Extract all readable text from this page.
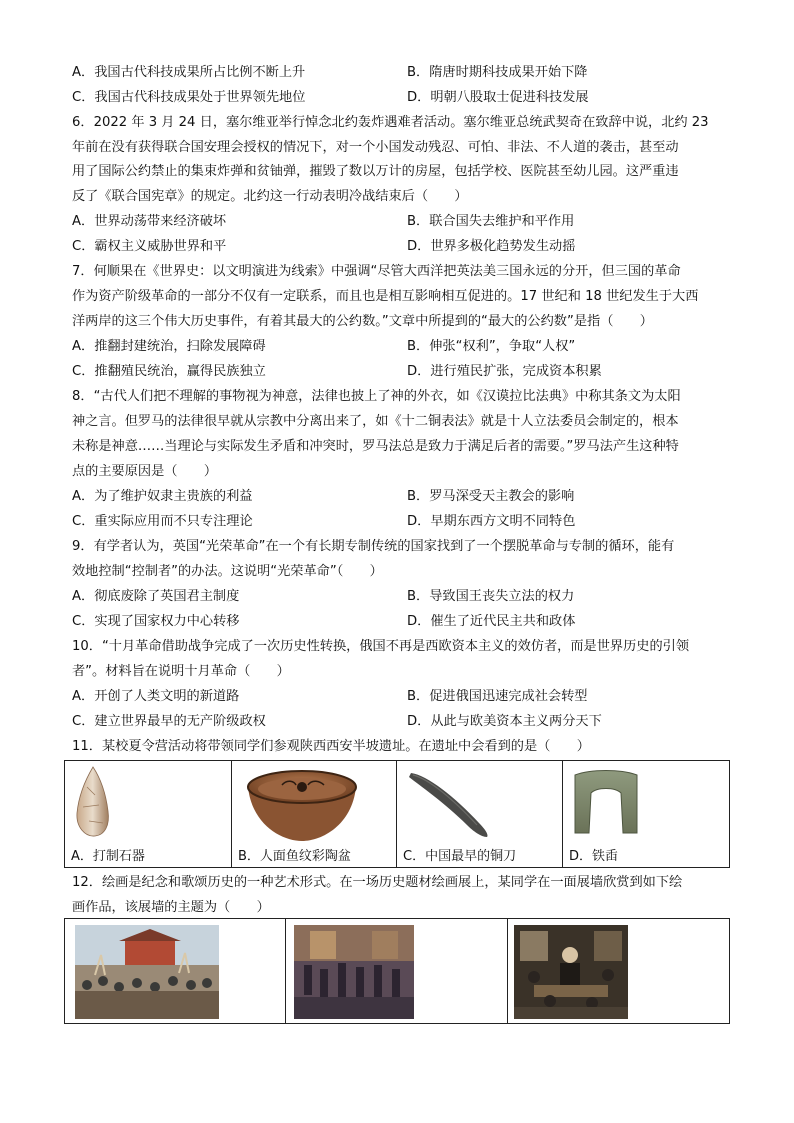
A．我国古代科技成果所占比例不断上升	B．隋唐时期科技成果开始下降
C．我国古代科技成果处于世界领先地位	D．明朝八股取士促进科技发展
6．2022 年 3 月 24 日，塞尔维亚举行悼念北约轰炸遇难者活动。塞尔维亚总统武契奇在致辞中说，北约 23
年前在没有获得联合国安理会授权的情况下，对一个小国发动残忍、可怕、非法、不人道的袭击，甚至动
用了国际公约禁止的集束炸弹和贫铀弹，摧毁了数以万计的房屋，包括学校、医院甚至幼儿园。这严重违
反了《联合国宪章》的规定。北约这一行动表明冷战结束后（　　）
A．世界动荡带来经济破坏	B．联合国失去维护和平作用
C．霸权主义威胁世界和平	D．世界多极化趋势发生动摇
7．何顺果在《世界史：以文明演进为线索》中强调“尽管大西洋把英法美三国永远的分开，但三国的革命
作为资产阶级革命的一部分不仅有一定联系，而且也是相互影响相互促进的。17 世纪和 18 世纪发生于大西
洋两岸的这三个伟大历史事件，有着其最大的公约数。”文章中所提到的“最大的公约数”是指（　　）
A．推翻封建统治，扫除发展障碍	B．伸张“权利”，争取“人权”
C．推翻殖民统治，赢得民族独立	D．进行殖民扩张，完成资本积累
8．“古代人们把不理解的事物视为神意，法律也披上了神的外衣，如《汉谟拉比法典》中称其条文为太阳
神之言。但罗马的法律很早就从宗教中分离出来了，如《十二铜表法》就是十人立法委员会制定的，根本
未称是神意……当理论与实际发生矛盾和冲突时，罗马法总是致力于满足后者的需要。”罗马法产生这种特
点的主要原因是（　　）
A．为了维护奴隶主贵族的利益	B．罗马深受天主教会的影响
C．重实际应用而不只专注理论	D．早期东西方文明不同特色
9．有学者认为，英国“光荣革命”在一个有长期专制传统的国家找到了一个摆脱革命与专制的循环，能有
效地控制“控制者”的办法。这说明“光荣革命”（　　）
A．彻底废除了英国君主制度	B．导致国王丧失立法的权力
C．实现了国家权力中心转移	D．催生了近代民主共和政体
10．“十月革命借助战争完成了一次历史性转换，俄国不再是西欧资本主义的效仿者，而是世界历史的引领
者”。材料旨在说明十月革命（　　）
A．开创了人类文明的新道路	B．促进俄国迅速完成社会转型
C．建立世界最早的无产阶级政权	D．从此与欧美资本主义两分天下
11．某校夏令营活动将带领同学们参观陕西西安半坡遗址。在遗址中会看到的是（　　）
A．打制石器	B．人面鱼纹彩陶盆	C．中国最早的铜刀	D．铁臿
12．绘画是纪念和歌颂历史的一种艺术形式。在一场历史题材绘画展上，某同学在一面展墙欣赏到如下绘
画作品，该展墙的主题为（　　）
